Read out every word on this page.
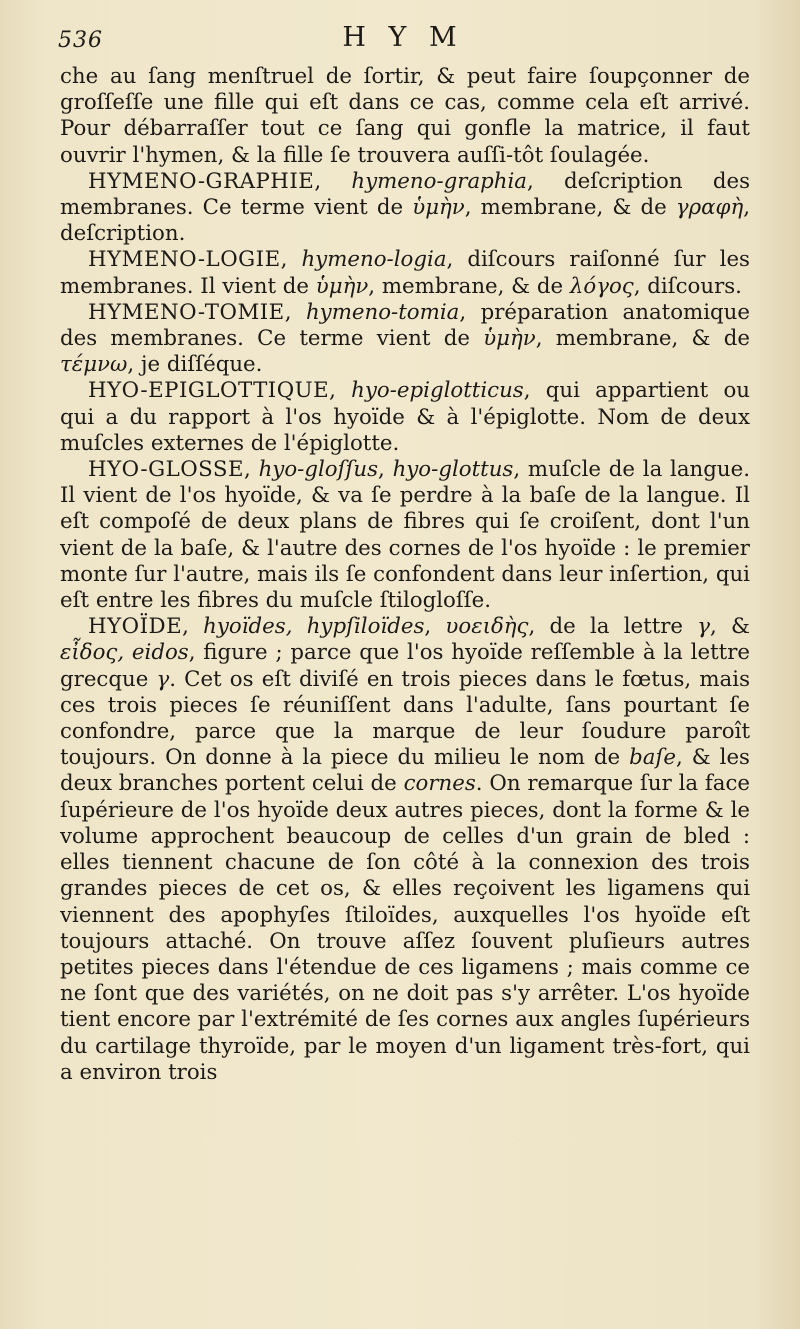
536	H Y M

che au ſang menſtruel de ſortir, & peut faire ſoupçonner de groſſeſſe une fille qui eſt dans ce cas, comme cela eſt arrivé. Pour débarraſſer tout ce ſang qui gonfle la matrice, il faut ouvrir l'hymen, & la fille ſe trouvera auſſi-tôt ſoulagée.

HYMENO-GRAPHIE, hymeno-graphia, deſcription des membranes. Ce terme vient de ὑμὴν, membrane, & de γραφὴ, deſcription.

HYMENO-LOGIE, hymeno-logia, diſcours raiſonné ſur les membranes. Il vient de ὑμὴν, membrane, & de λόγος, diſcours.

HYMENO-TOMIE, hymeno-tomia, préparation anatomique des membranes. Ce terme vient de ὑμὴν, membrane, & de τέμνω, je diſſéque.

HYO-EPIGLOTTIQUE, hyo-epiglotticus, qui appartient ou qui a du rapport à l'os hyoïde & à l'épiglotte. Nom de deux muſcles externes de l'épiglotte.

HYO-GLOSSE, hyo-gloſſus, hyo-glottus, muſcle de la langue. Il vient de l'os hyoïde, & va ſe perdre à la baſe de la langue. Il eſt compoſé de deux plans de fibres qui ſe croiſent, dont l'un vient de la baſe, & l'autre des cornes de l'os hyoïde : le premier monte ſur l'autre, mais ils ſe confondent dans leur inſertion, qui eſt entre les fibres du muſcle ſtilogloſſe.

HYOÏDE, hyoïdes, hypſiloïdes, υοειδὴς, de la lettre γ, & εἶδος, eidos, figure ; parce que l'os hyoïde reſſemble à la lettre grecque γ. Cet os eſt diviſé en trois pieces dans le fœtus, mais ces trois pieces ſe réuniſſent dans l'adulte, ſans pourtant ſe confondre, parce que la marque de leur ſoudure paroît toujours. On donne à la piece du milieu le nom de baſe, & les deux branches portent celui de cornes. On remarque ſur la face ſupérieure de l'os hyoïde deux autres pieces, dont la forme & le volume approchent beaucoup de celles d'un grain de bled : elles tiennent chacune de ſon côté à la connexion des trois grandes pieces de cet os, & elles reçoivent les ligamens qui viennent des apophyſes ſtiloïdes, auxquelles l'os hyoïde eſt toujours attaché. On trouve aſſez ſouvent pluſieurs autres petites pieces dans l'étendue de ces ligamens ; mais comme ce ne ſont que des variétés, on ne doit pas s'y arrêter. L'os hyoïde tient encore par l'extrémité de ſes cornes aux angles ſupérieurs du cartilage thyroïde, par le moyen d'un ligament très-fort, qui a environ trois
